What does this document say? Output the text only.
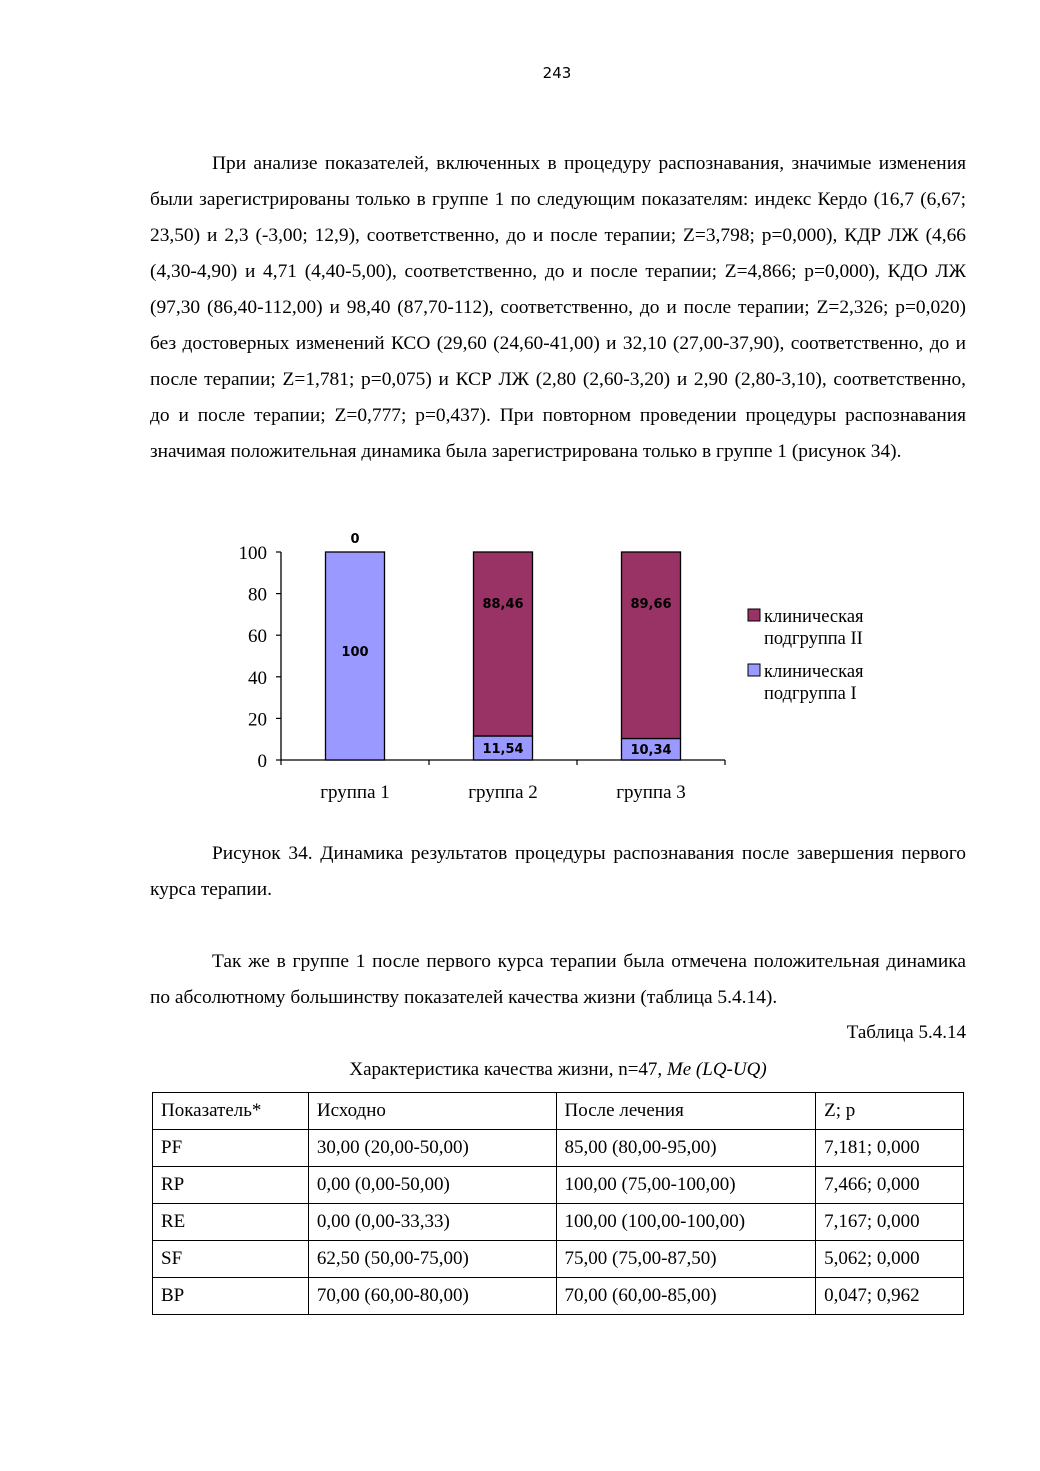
243

При анализе показателей, включенных в процедуру распознавания, значимые изменения были зарегистрированы только в группе 1 по следующим показателям: индекс Кердо (16,7 (6,67; 23,50) и 2,3 (-3,00; 12,9), соответственно, до и после терапии; Z=3,798; p=0,000), КДР ЛЖ (4,66 (4,30-4,90) и 4,71 (4,40-5,00), соответственно, до и после терапии; Z=4,866; p=0,000), КДО ЛЖ (97,30 (86,40-112,00) и 98,40 (87,70-112), соответственно, до и после терапии; Z=2,326; p=0,020) без достоверных изменений КСО (29,60 (24,60-41,00) и 32,10 (27,00-37,90), соответственно, до и после терапии; Z=1,781; p=0,075) и КСР ЛЖ (2,80 (2,60-3,20) и 2,90 (2,80-3,10), соответственно, до и после терапии; Z=0,777; p=0,437). При повторном проведении процедуры распознавания значимая положительная динамика была зарегистрирована только в группе 1 (рисунок 34).

0
20
40
60
80
100
группа 1	группа 2	группа 3
100
0
11,54
88,46
10,34
89,66
клиническая
подгруппа II
клиническая
подгруппа I

Рисунок 34. Динамика результатов процедуры распознавания после завершения первого курса терапии.

Так же в группе 1 после первого курса терапии была отмечена положительная динамика по абсолютному большинству показателей качества жизни (таблица 5.4.14).

Таблица 5.4.14
Характеристика качества жизни, n=47, Me (LQ-UQ)
Показатель*	Исходно	После лечения	Z; p
PF	30,00 (20,00-50,00)	85,00 (80,00-95,00)	7,181; 0,000
RP	0,00 (0,00-50,00)	100,00 (75,00-100,00)	7,466; 0,000
RE	0,00 (0,00-33,33)	100,00 (100,00-100,00)	7,167; 0,000
SF	62,50 (50,00-75,00)	75,00 (75,00-87,50)	5,062; 0,000
BP	70,00 (60,00-80,00)	70,00 (60,00-85,00)	0,047; 0,962
